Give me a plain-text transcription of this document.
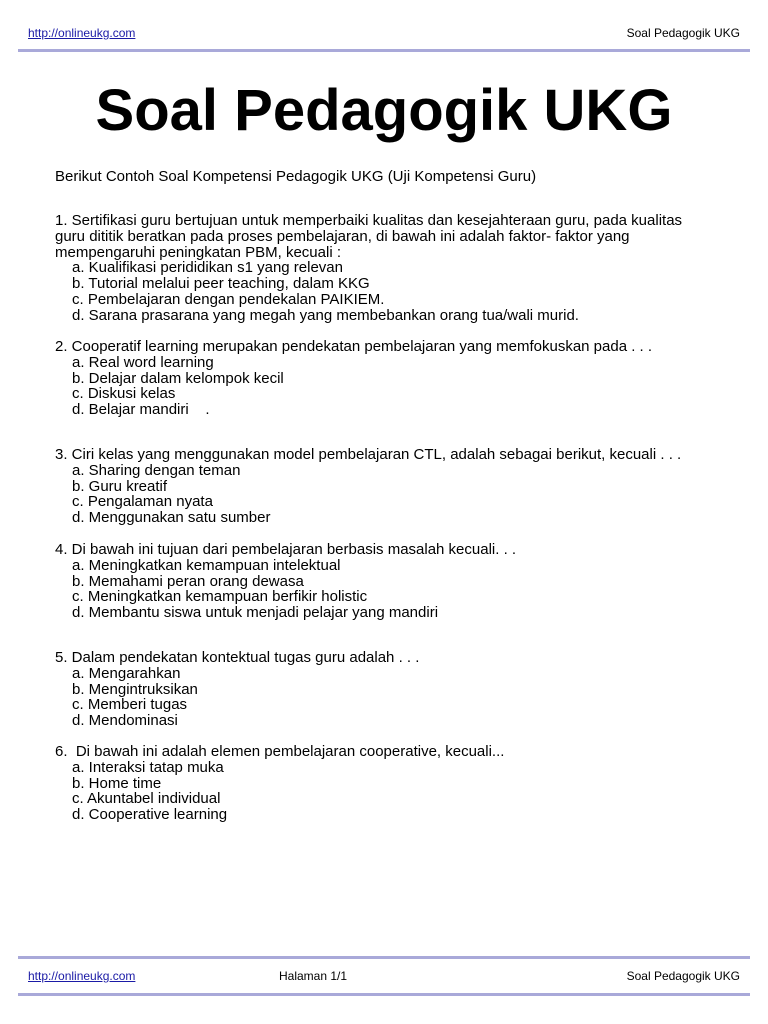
http://onlineukg.com	Soal Pedagogik UKG
Soal Pedagogik UKG
Berikut Contoh Soal Kompetensi Pedagogik UKG (Uji Kompetensi Guru)

1. Sertifikasi guru bertujuan untuk memperbaiki kualitas dan kesejahteraan guru, pada kualitas
guru dititik beratkan pada proses pembelajaran, di bawah ini adalah faktor- faktor yang
mempengaruhi peningkatan PBM, kecuali :

a. Kualifikasi perididikan s1 yang relevan
b. Tutorial melalui peer teaching, dalam KKG
c. Pembelajaran dengan pendekalan PAIKIEM.
d. Sarana prasarana yang megah yang membebankan orang tua/wali murid.

2. Cooperatif learning merupakan pendekatan pembelajaran yang memfokuskan pada . . .

a. Real word learning
b. Delajar dalam kelompok kecil
c. Diskusi kelas
d. Belajar mandiri    .

3. Ciri kelas yang menggunakan model pembelajaran CTL, adalah sebagai berikut, kecuali . . .

a. Sharing dengan teman
b. Guru kreatif
c. Pengalaman nyata
d. Menggunakan satu sumber

4. Di bawah ini tujuan dari pembelajaran berbasis masalah kecuali. . .

a. Meningkatkan kemampuan intelektual
b. Memahami peran orang dewasa
c. Meningkatkan kemampuan berfikir holistic
d. Membantu siswa untuk menjadi pelajar yang mandiri

5. Dalam pendekatan kontektual tugas guru adalah . . .

a. Mengarahkan
b. Mengintruksikan
c. Memberi tugas
d. Mendominasi

6.  Di bawah ini adalah elemen pembelajaran cooperative, kecuali...

a. Interaksi tatap muka
b. Home time
c. Akuntabel individual
d. Cooperative learning
http://onlineukg.com	Halaman 1/1	Soal Pedagogik UKG
